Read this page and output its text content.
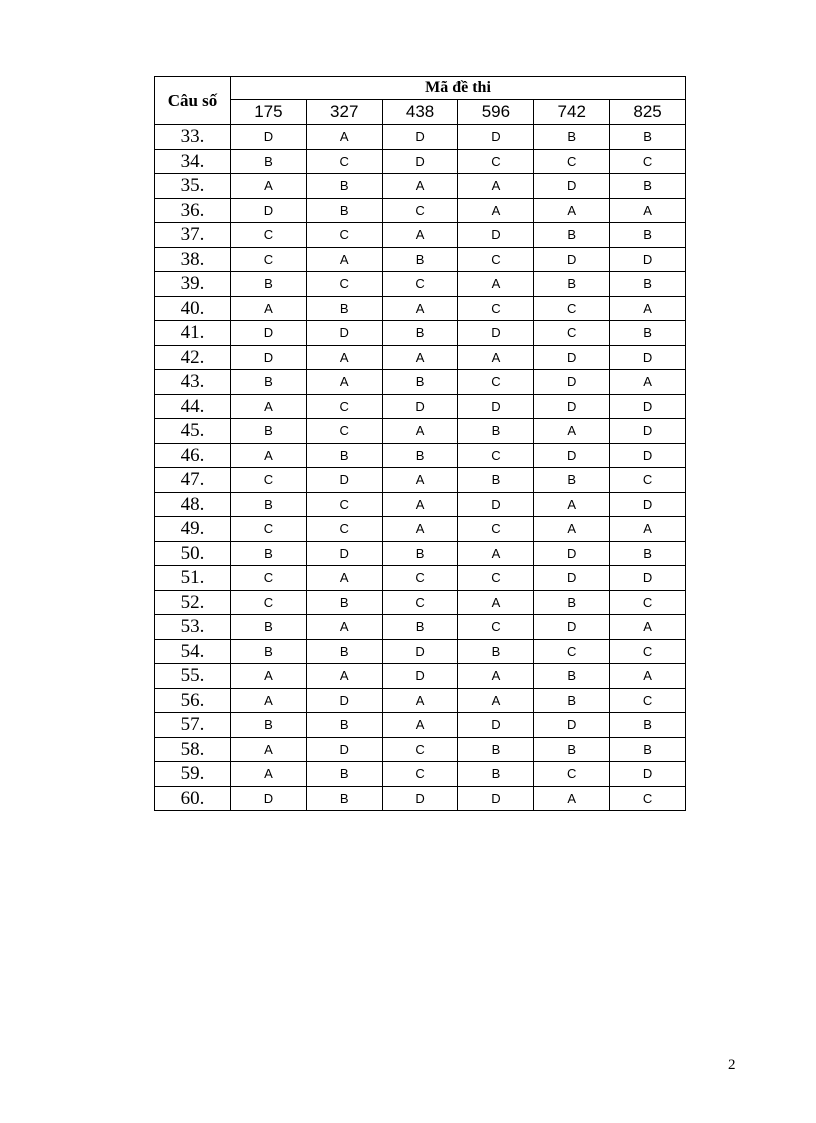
Câu số	Mã đề thi					
	175	327	438	596	742	825
33.	D	A	D	D	B	B
34.	B	C	D	C	C	C
35.	A	B	A	A	D	B
36.	D	B	C	A	A	A
37.	C	C	A	D	B	B
38.	C	A	B	C	D	D
39.	B	C	C	A	B	B
40.	A	B	A	C	C	A
41.	D	D	B	D	C	B
42.	D	A	A	A	D	D
43.	B	A	B	C	D	A
44.	A	C	D	D	D	D
45.	B	C	A	B	A	D
46.	A	B	B	C	D	D
47.	C	D	A	B	B	C
48.	B	C	A	D	A	D
49.	C	C	A	C	A	A
50.	B	D	B	A	D	B
51.	C	A	C	C	D	D
52.	C	B	C	A	B	C
53.	B	A	B	C	D	A
54.	B	B	D	B	C	C
55.	A	A	D	A	B	A
56.	A	D	A	A	B	C
57.	B	B	A	D	D	B
58.	A	D	C	B	B	B
59.	A	B	C	B	C	D
60.	D	B	D	D	A	C
2
